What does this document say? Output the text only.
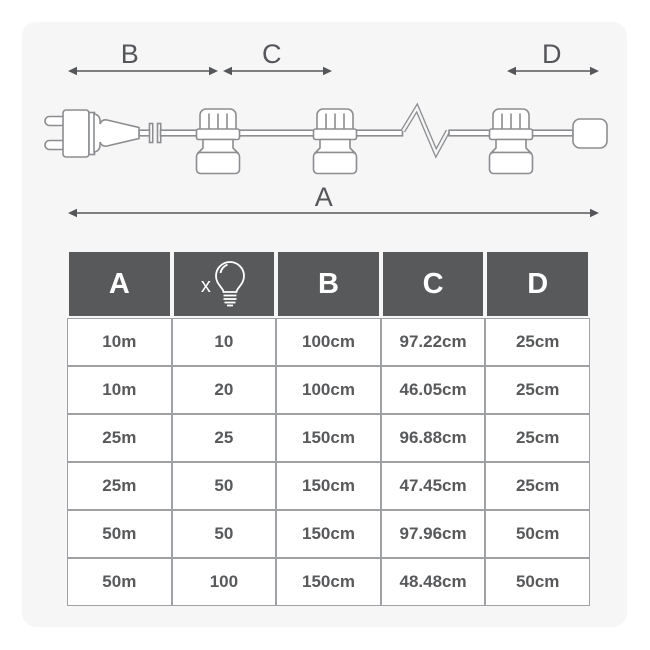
B	C	D
A
A	x	B	C	D
10m	10	100cm	97.22cm	25cm
10m	20	100cm	46.05cm	25cm
25m	25	150cm	96.88cm	25cm
25m	50	150cm	47.45cm	25cm
50m	50	150cm	97.96cm	50cm
50m	100	150cm	48.48cm	50cm
